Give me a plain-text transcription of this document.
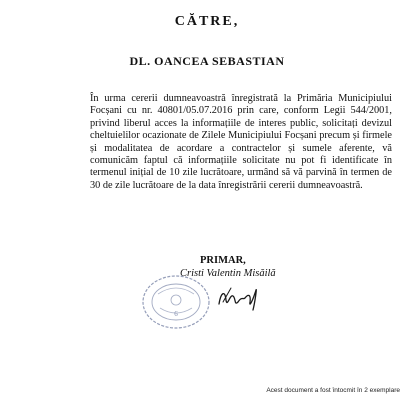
CĂTRE,
DL. OANCEA SEBASTIAN

În urma cererii dumneavoastră înregistrată la Primăria Municipiului Focșani cu nr. 40801/05.07.2016 prin care, conform Legii 544/2001, privind liberul acces la informațiile de interes public, solicitați devizul cheltuielilor ocazionate de Zilele Municipiului Focșani precum și firmele și modalitatea de acordare a contractelor și sumele aferente, vă comunicăm faptul că informațiile solicitate nu pot fi identificate în termenul inițial de 10 zile lucrătoare, urmând să vă parvină în termen de 30 de zile lucrătoare de la data înregistrării cererii dumneavoastră.

PRIMAR,
Cristi Valentin Misăilă
6
Acest document a fost întocmit în 2 exemplare
